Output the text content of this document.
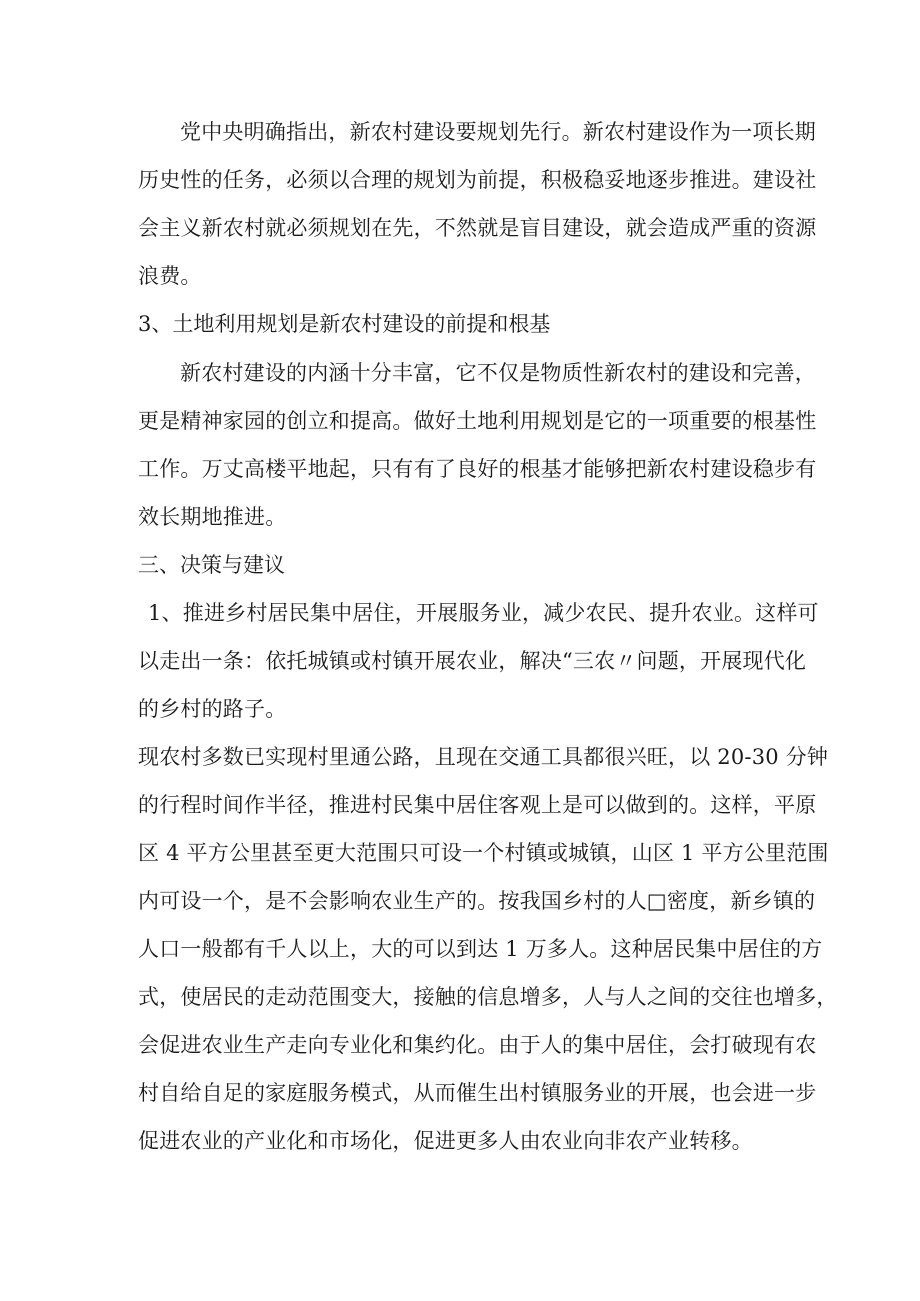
党中央明确指出，新农村建设要规划先行。新农村建设作为一项长期
历史性的任务，必须以合理的规划为前提，积极稳妥地逐步推进。建设社
会主义新农村就必须规划在先，不然就是盲目建设，就会造成严重的资源
浪费。
3、土地利用规划是新农村建设的前提和根基
新农村建设的内涵十分丰富，它不仅是物质性新农村的建设和完善，
更是精神家园的创立和提高。做好土地利用规划是它的一项重要的根基性
工作。万丈高楼平地起，只有有了良好的根基才能够把新农村建设稳步有
效长期地推进。
三、决策与建议
1、推进乡村居民集中居住，开展服务业，减少农民、提升农业。这样可
以走出一条：依托城镇或村镇开展农业，解决“三农〃问题，开展现代化
的乡村的路子。
现农村多数已实现村里通公路，且现在交通工具都很兴旺，以 20-30 分钟
的行程时间作半径，推进村民集中居住客观上是可以做到的。这样，平原
区 4 平方公里甚至更大范围只可设一个村镇或城镇，山区 1 平方公里范围
内可设一个，是不会影响农业生产的。按我国乡村的人□密度，新乡镇的
人口一般都有千人以上，大的可以到达 1 万多人。这种居民集中居住的方
式，使居民的走动范围变大，接触的信息增多，人与人之间的交往也增多，
会促进农业生产走向专业化和集约化。由于人的集中居住，会打破现有农
村自给自足的家庭服务模式，从而催生出村镇服务业的开展，也会进一步
促进农业的产业化和市场化，促进更多人由农业向非农产业转移。
